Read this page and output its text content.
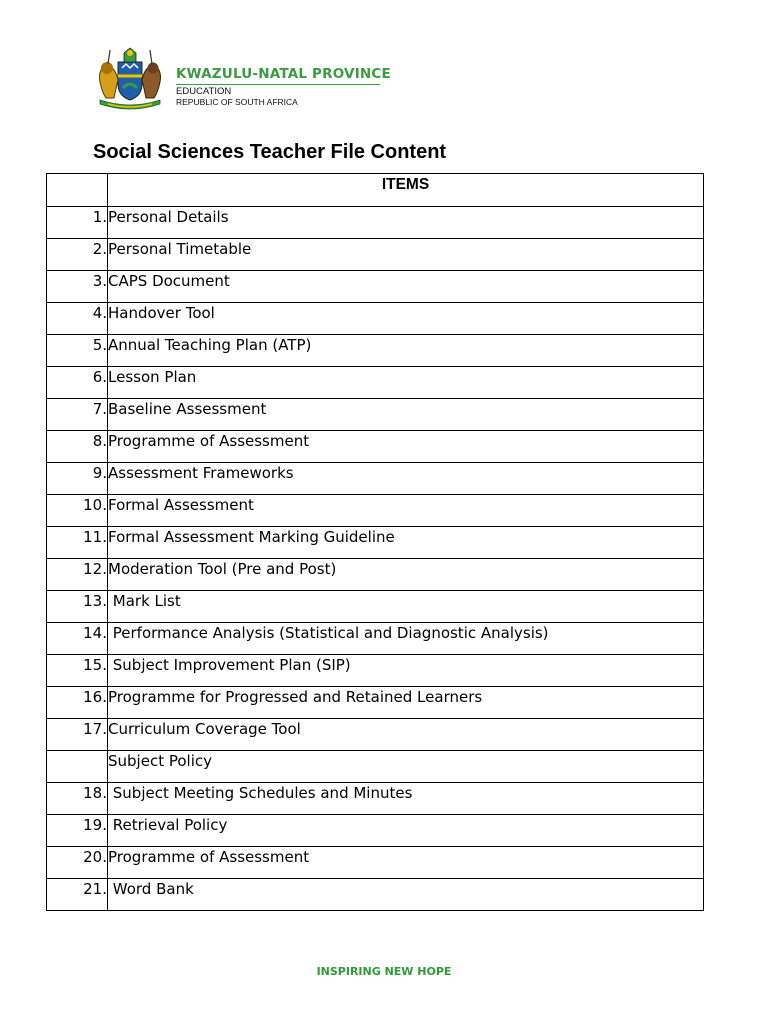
KWAZULU-NATAL PROVINCE
EDUCATION
REPUBLIC OF SOUTH AFRICA
Social Sciences Teacher File Content
	ITEMS
1.	Personal Details
2.	Personal Timetable
3.	CAPS Document
4.	Handover Tool
5.	Annual Teaching Plan (ATP)
6.	Lesson Plan
7.	Baseline Assessment
8.	Programme of Assessment
9.	Assessment Frameworks
10.	Formal Assessment
11.	Formal Assessment Marking Guideline
12.	Moderation Tool (Pre and Post)
13.	Mark List
14.	Performance Analysis (Statistical and Diagnostic Analysis)
15.	Subject Improvement Plan (SIP)
16.	Programme for Progressed and Retained Learners
17.	Curriculum Coverage Tool
	Subject Policy
18.	Subject Meeting Schedules and Minutes
19.	Retrieval Policy
20.	Programme of Assessment
21.	Word Bank
INSPIRING NEW HOPE
